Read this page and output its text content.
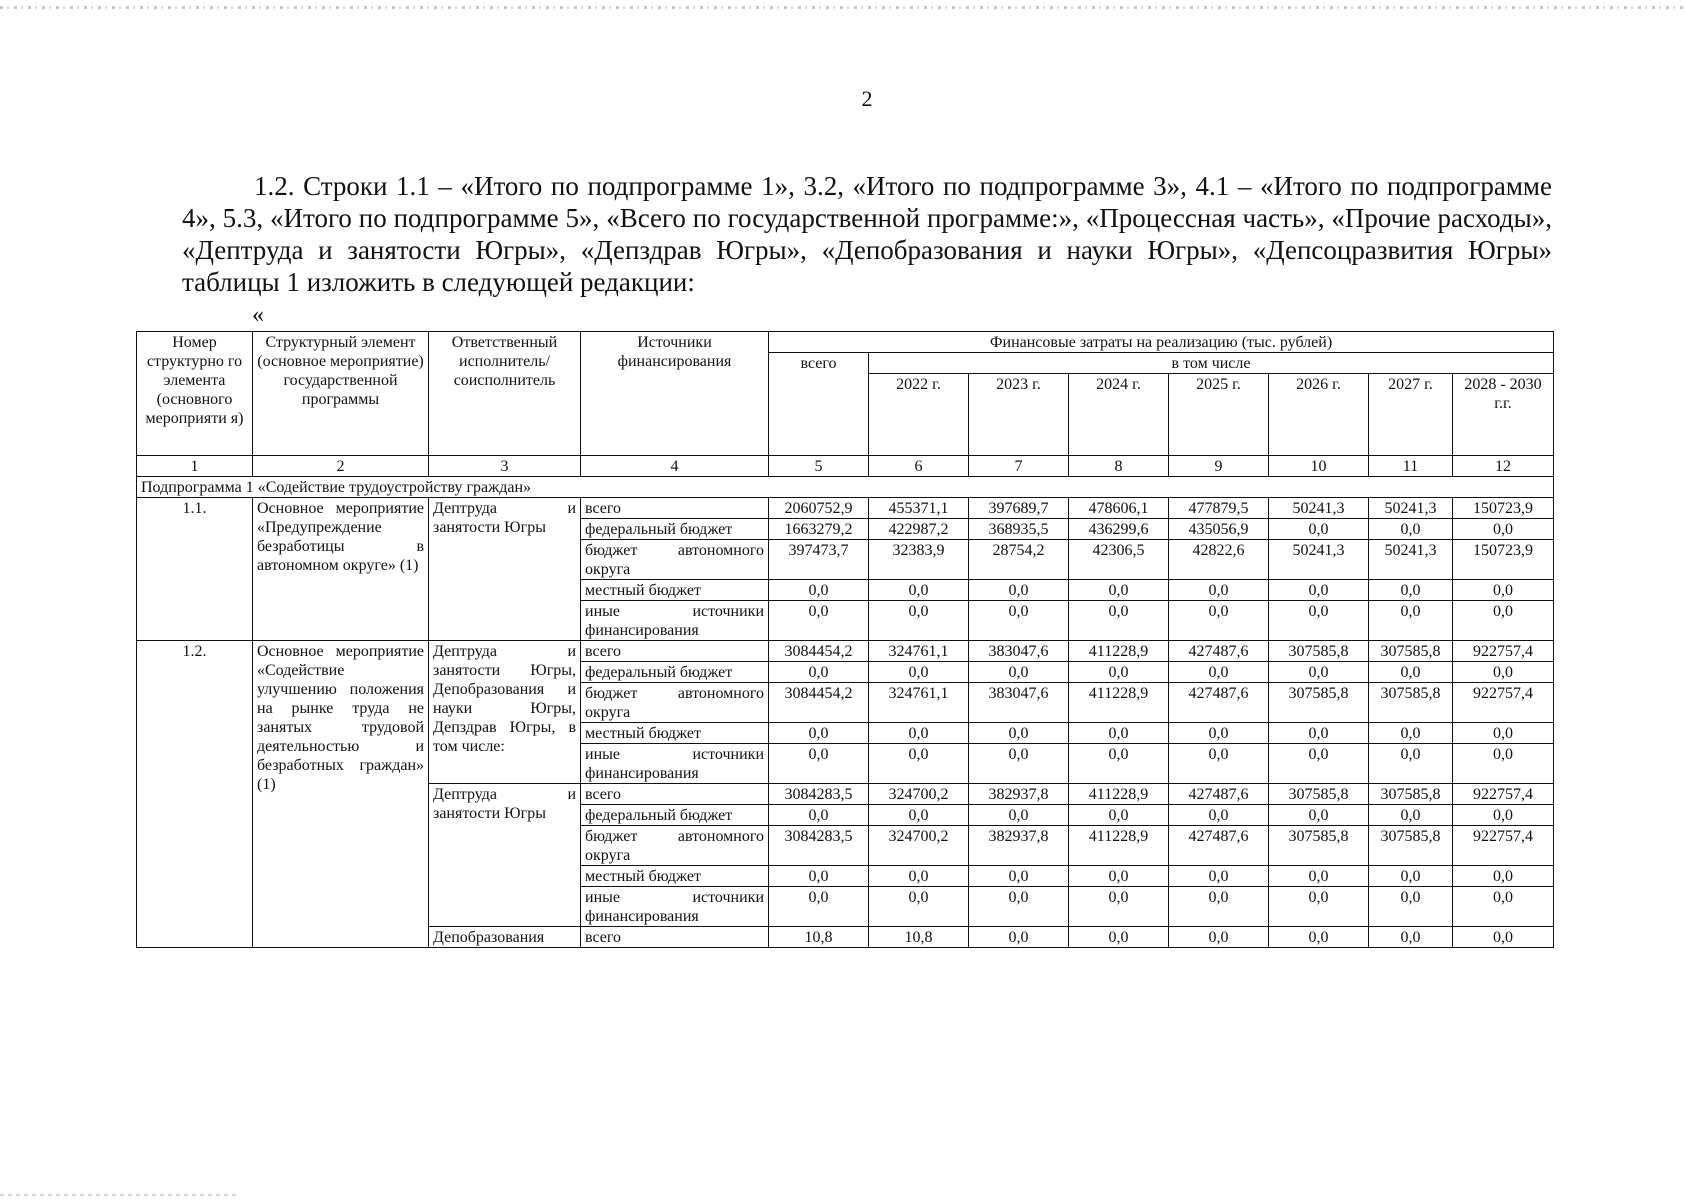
2

1.2. Строки 1.1 – «Итого по подпрограмме 1», 3.2, «Итого по подпрограмме 3», 4.1 – «Итого по подпрограмме 4», 5.3, «Итого по подпрограмме 5», «Всего по государственной программе:», «Процессная часть», «Прочие расходы», «Дептруда и занятости Югры», «Депздрав Югры», «Депобразования и науки Югры», «Депсоцразвития Югры» таблицы 1 изложить в следующей редакции:

«
Номер структурно го элемента (основного мероприяти я)	Структурный элемент (основное мероприятие) государственной программы	Ответственный исполнитель/ соисполнитель	Источники финансирования	Финансовые затраты на реализацию (тыс. рублей)							
				всего	в том числе						
					2022 г.	2023 г.	2024 г.	2025 г.	2026 г.	2027 г.	2028 - 2030 г.г.
1	2	3	4	5	6	7	8	9	10	11	12
Подпрограмма 1 «Содействие трудоустройству граждан»											
1.1.	Основное мероприятие «Предупреждение безработицы в автономном округе» (1)	Дептруда и занятости Югры	всего	2060752,9	455371,1	397689,7	478606,1	477879,5	50241,3	50241,3	150723,9
			федеральный бюджет	1663279,2	422987,2	368935,5	436299,6	435056,9	0,0	0,0	0,0
			бюджет автономного округа	397473,7	32383,9	28754,2	42306,5	42822,6	50241,3	50241,3	150723,9
			местный бюджет	0,0	0,0	0,0	0,0	0,0	0,0	0,0	0,0
			иные источники финансирования	0,0	0,0	0,0	0,0	0,0	0,0	0,0	0,0
1.2.	Основное мероприятие «Содействие улучшению положения на рынке труда не занятых трудовой деятельностью и безработных граждан» (1)	Дептруда и занятости Югры, Депобразования и науки Югры, Депздрав Югры, в том числе:	всего	3084454,2	324761,1	383047,6	411228,9	427487,6	307585,8	307585,8	922757,4
			федеральный бюджет	0,0	0,0	0,0	0,0	0,0	0,0	0,0	0,0
			бюджет автономного округа	3084454,2	324761,1	383047,6	411228,9	427487,6	307585,8	307585,8	922757,4
			местный бюджет	0,0	0,0	0,0	0,0	0,0	0,0	0,0	0,0
			иные источники финансирования	0,0	0,0	0,0	0,0	0,0	0,0	0,0	0,0
		Дептруда и занятости Югры	всего	3084283,5	324700,2	382937,8	411228,9	427487,6	307585,8	307585,8	922757,4
			федеральный бюджет	0,0	0,0	0,0	0,0	0,0	0,0	0,0	0,0
			бюджет автономного округа	3084283,5	324700,2	382937,8	411228,9	427487,6	307585,8	307585,8	922757,4
			местный бюджет	0,0	0,0	0,0	0,0	0,0	0,0	0,0	0,0
			иные источники финансирования	0,0	0,0	0,0	0,0	0,0	0,0	0,0	0,0
		Депобразования	всего	10,8	10,8	0,0	0,0	0,0	0,0	0,0	0,0
